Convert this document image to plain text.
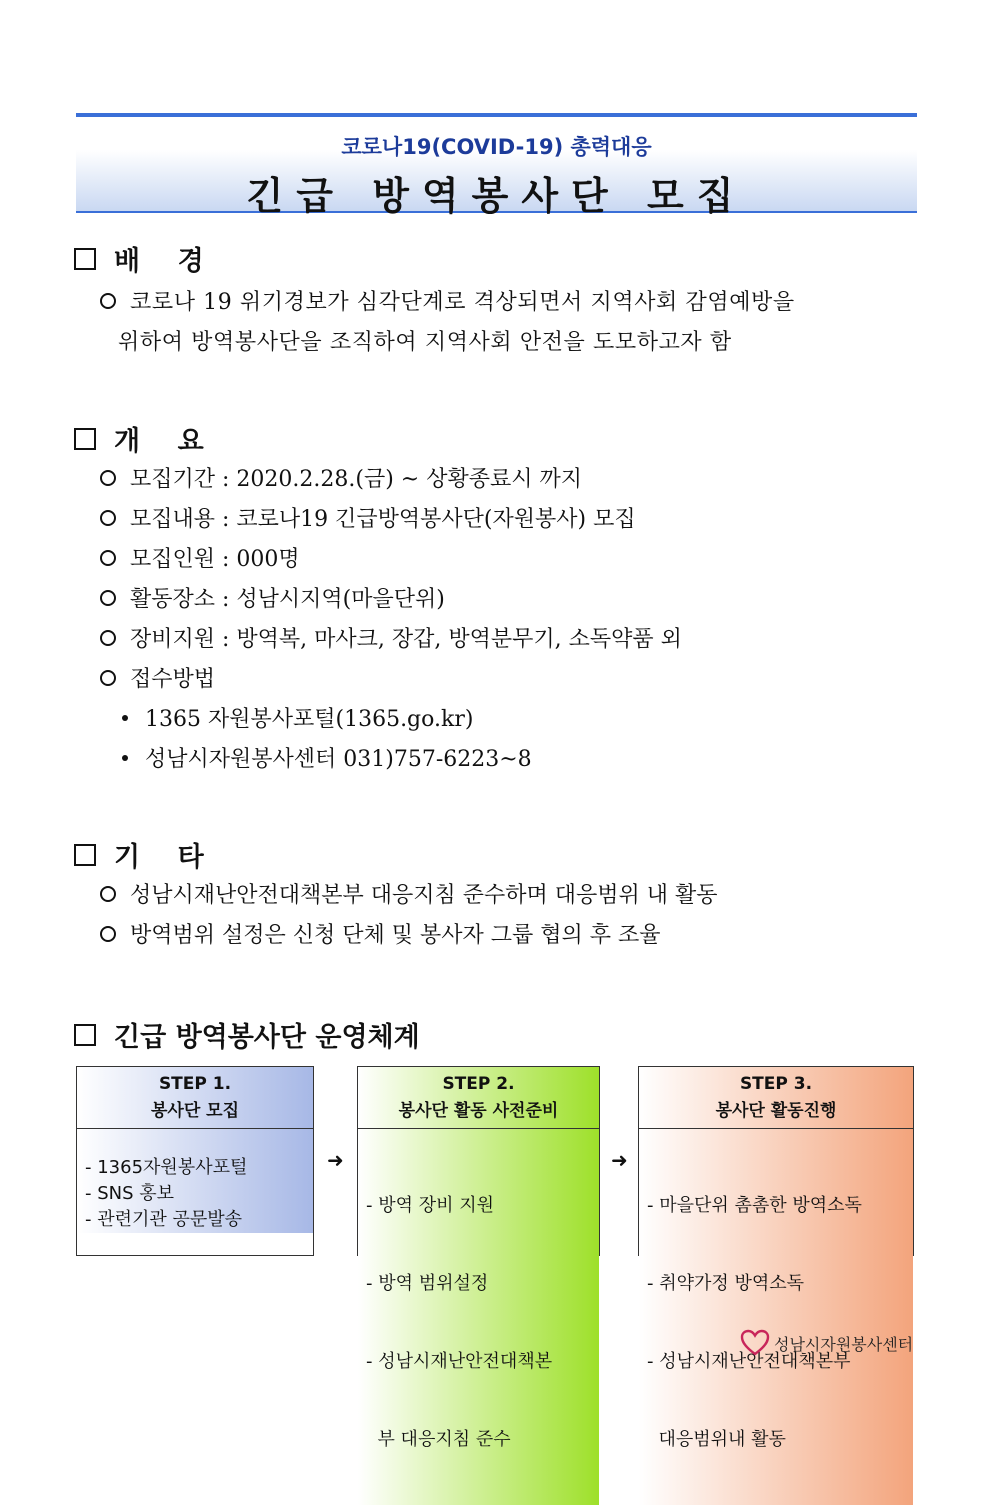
코로나19(COVID-19) 총력대응
긴급 방역봉사단 모집
배    경
코로나 19 위기경보가 심각단계로 격상되면서 지역사회 감염예방을
위하여 방역봉사단을 조직하여 지역사회 안전을 도모하고자 함
개    요
모집기간 : 2020.2.28.(금) ~ 상황종료시 까지
모집내용 : 코로나19 긴급방역봉사단(자원봉사) 모집
모집인원 : 000명
활동장소 : 성남시지역(마을단위)
장비지원 : 방역복, 마사크, 장갑, 방역분무기, 소독약품 외
접수방법
1365 자원봉사포털(1365.go.kr)
성남시자원봉사센터 031)757-6223~8
기    타
성남시재난안전대책본부 대응지침 준수하며 대응범위 내 활동
방역범위 설정은 신청 단체 및 봉사자 그룹 협의 후 조율
긴급 방역봉사단 운영체계
STEP 1.
봉사단 모집
- 1365자원봉사포털
- SNS 홍보
- 관련기관 공문발송
➜
STEP 2.
봉사단 활동 사전준비

- 방역 장비 지원

- 방역 범위설정

- 성남시재난안전대책본

부 대응지침 준수

➜
STEP 3.
봉사단 활동진행

- 마을단위 촘촘한 방역소독

- 취약가정 방역소독

- 성남시재난안전대책본부

대응범위내 활동

성남시자원봉사센터
